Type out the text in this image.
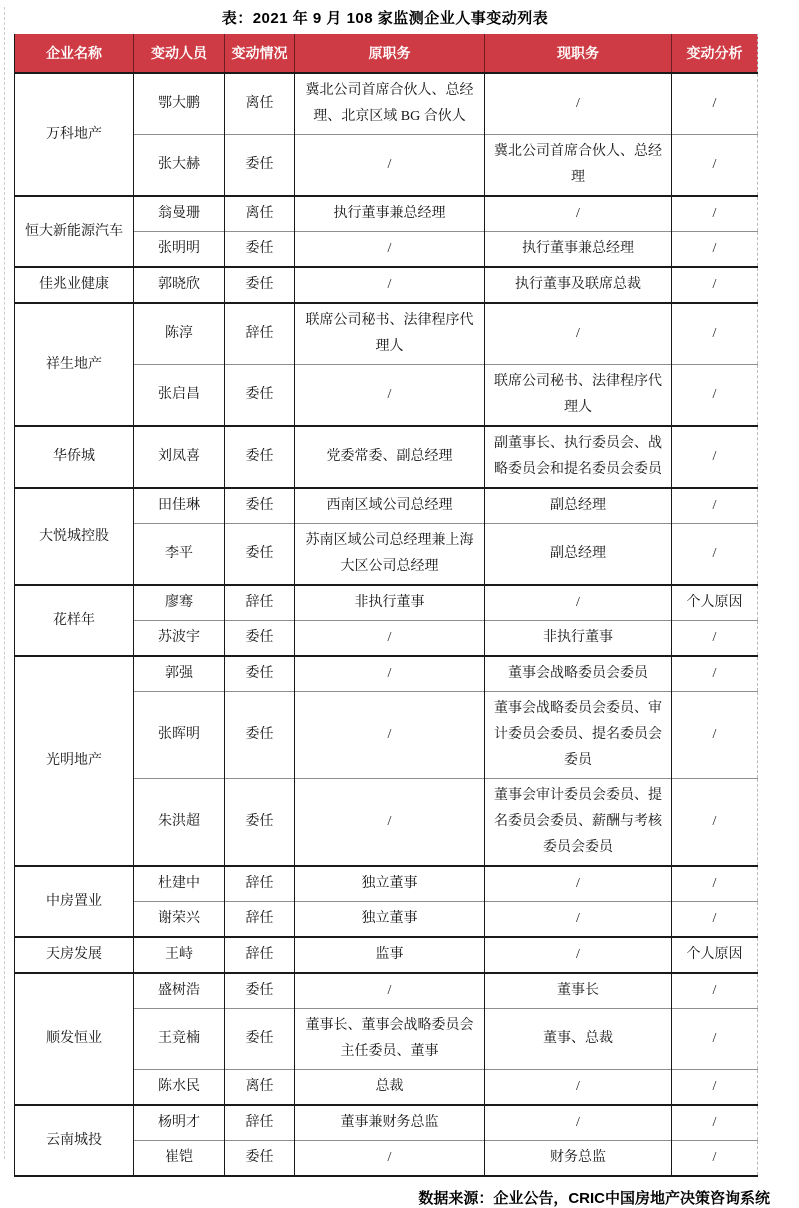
表：2021 年 9 月 108 家监测企业人事变动列表
企业名称	变动人员	变动情况	原职务	现职务	变动分析
万科地产	鄂大鹏	离任	冀北公司首席合伙人、总经理、北京区域 BG 合伙人	/	/
	张大赫	委任	/	冀北公司首席合伙人、总经理	/
恒大新能源汽车	翁曼珊	离任	执行董事兼总经理	/	/
	张明明	委任	/	执行董事兼总经理	/
佳兆业健康	郭晓欣	委任	/	执行董事及联席总裁	/
祥生地产	陈淳	辞任	联席公司秘书、法律程序代理人	/	/
	张启昌	委任	/	联席公司秘书、法律程序代理人	/
华侨城	刘凤喜	委任	党委常委、副总经理	副董事长、执行委员会、战略委员会和提名委员会委员	/
大悦城控股	田佳琳	委任	西南区域公司总经理	副总经理	/
	李平	委任	苏南区域公司总经理兼上海大区公司总经理	副总经理	/
花样年	廖骞	辞任	非执行董事	/	个人原因
	苏波宇	委任	/	非执行董事	/
光明地产	郭强	委任	/	董事会战略委员会委员	/
	张晖明	委任	/	董事会战略委员会委员、审计委员会委员、提名委员会委员	/
	朱洪超	委任	/	董事会审计委员会委员、提名委员会委员、薪酬与考核委员会委员	/
中房置业	杜建中	辞任	独立董事	/	/
	谢荣兴	辞任	独立董事	/	/
天房发展	王峙	辞任	监事	/	个人原因
顺发恒业	盛树浩	委任	/	董事长	/
	王竞楠	委任	董事长、董事会战略委员会主任委员、董事	董事、总裁	/
	陈水民	离任	总裁	/	/
云南城投	杨明才	辞任	董事兼财务总监	/	/
	崔铠	委任	/	财务总监	/
数据来源：企业公告，CRIC中国房地产决策咨询系统
